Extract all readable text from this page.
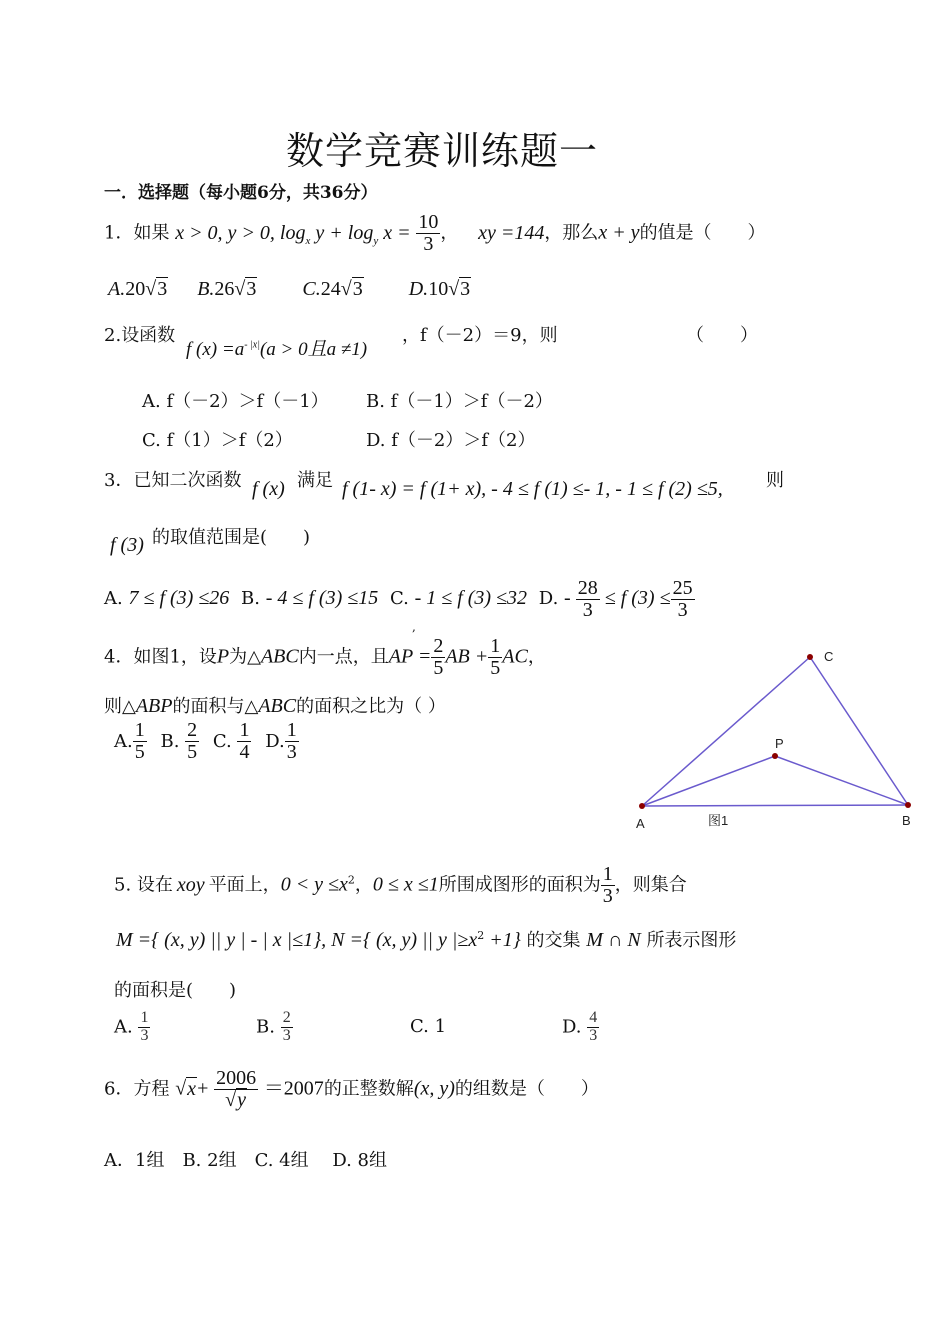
数学竞赛训练题一
一．选择题（每小题6分，共36分）
1．如果 x > 0, y > 0, $\log_x y + \log_y x = \frac{10}{3}$ ， xy =144，那么x + y的值是（　　）
A.20√3 B.26√3 C.24√3 D.10√3
2.设函数
f $(x) =a^{- |x|}(a > 0$且a ≠1)
，f（－2）＝9，则	（　　）
A. f（－2）＞f（－1） B. f（－1）＞f（－2）
C. f（1）＞f（2）	D. f（－2）＞f（2）
3．已知二次函数 f (x) 满足 f (1- x) = f (1+ x), - 4 ≤ f (1) ≤- 1, - 1 ≤ f (2) ≤5, 则
f (3) 的取值范围是(　　)
A. 7 ≤ f (3) ≤26 B. - 4 ≤ f (3) ≤15 C. - 1 ≤ f (3) ≤32 D. - $\frac{28}{3} \le f$ $(3) \le \frac{25}{3}$
,
4．如图1，设P为△ABC内一点，且AP = $\frac{2}{5}$ AB + $\frac{1}{5}$ AC，
则△ABP的面积与△ABC的面积之比为（ ）
A. $\frac{1}{5} B$. $\frac{2}{5} C$. $\frac{1}{4} D$. $\frac{1}{3}$
A
C
B
P
图1
5. 设在 xoy 平面上，$0 < y \le x^2$，0 ≤ x ≤1所围成图形的面积为 $\frac{1}{3}$ ，则集合
M ={ (x, y) || y | - | x |≤1}, N ={ (x, y) || y $|\ge x^2 +1$} 的交集 M ∩ N 所表示图形
的面积是(　　)
A. $\frac{1}{3}$	B. $\frac{2}{3}$	C. 1	D. $\frac{4}{3}$
6．方程 $√x+ \frac{2006}{√y} =2007$的正整数解(x, y)的组数是（　　）
A．1组　B. 2组　C. 4组　 D. 8组
